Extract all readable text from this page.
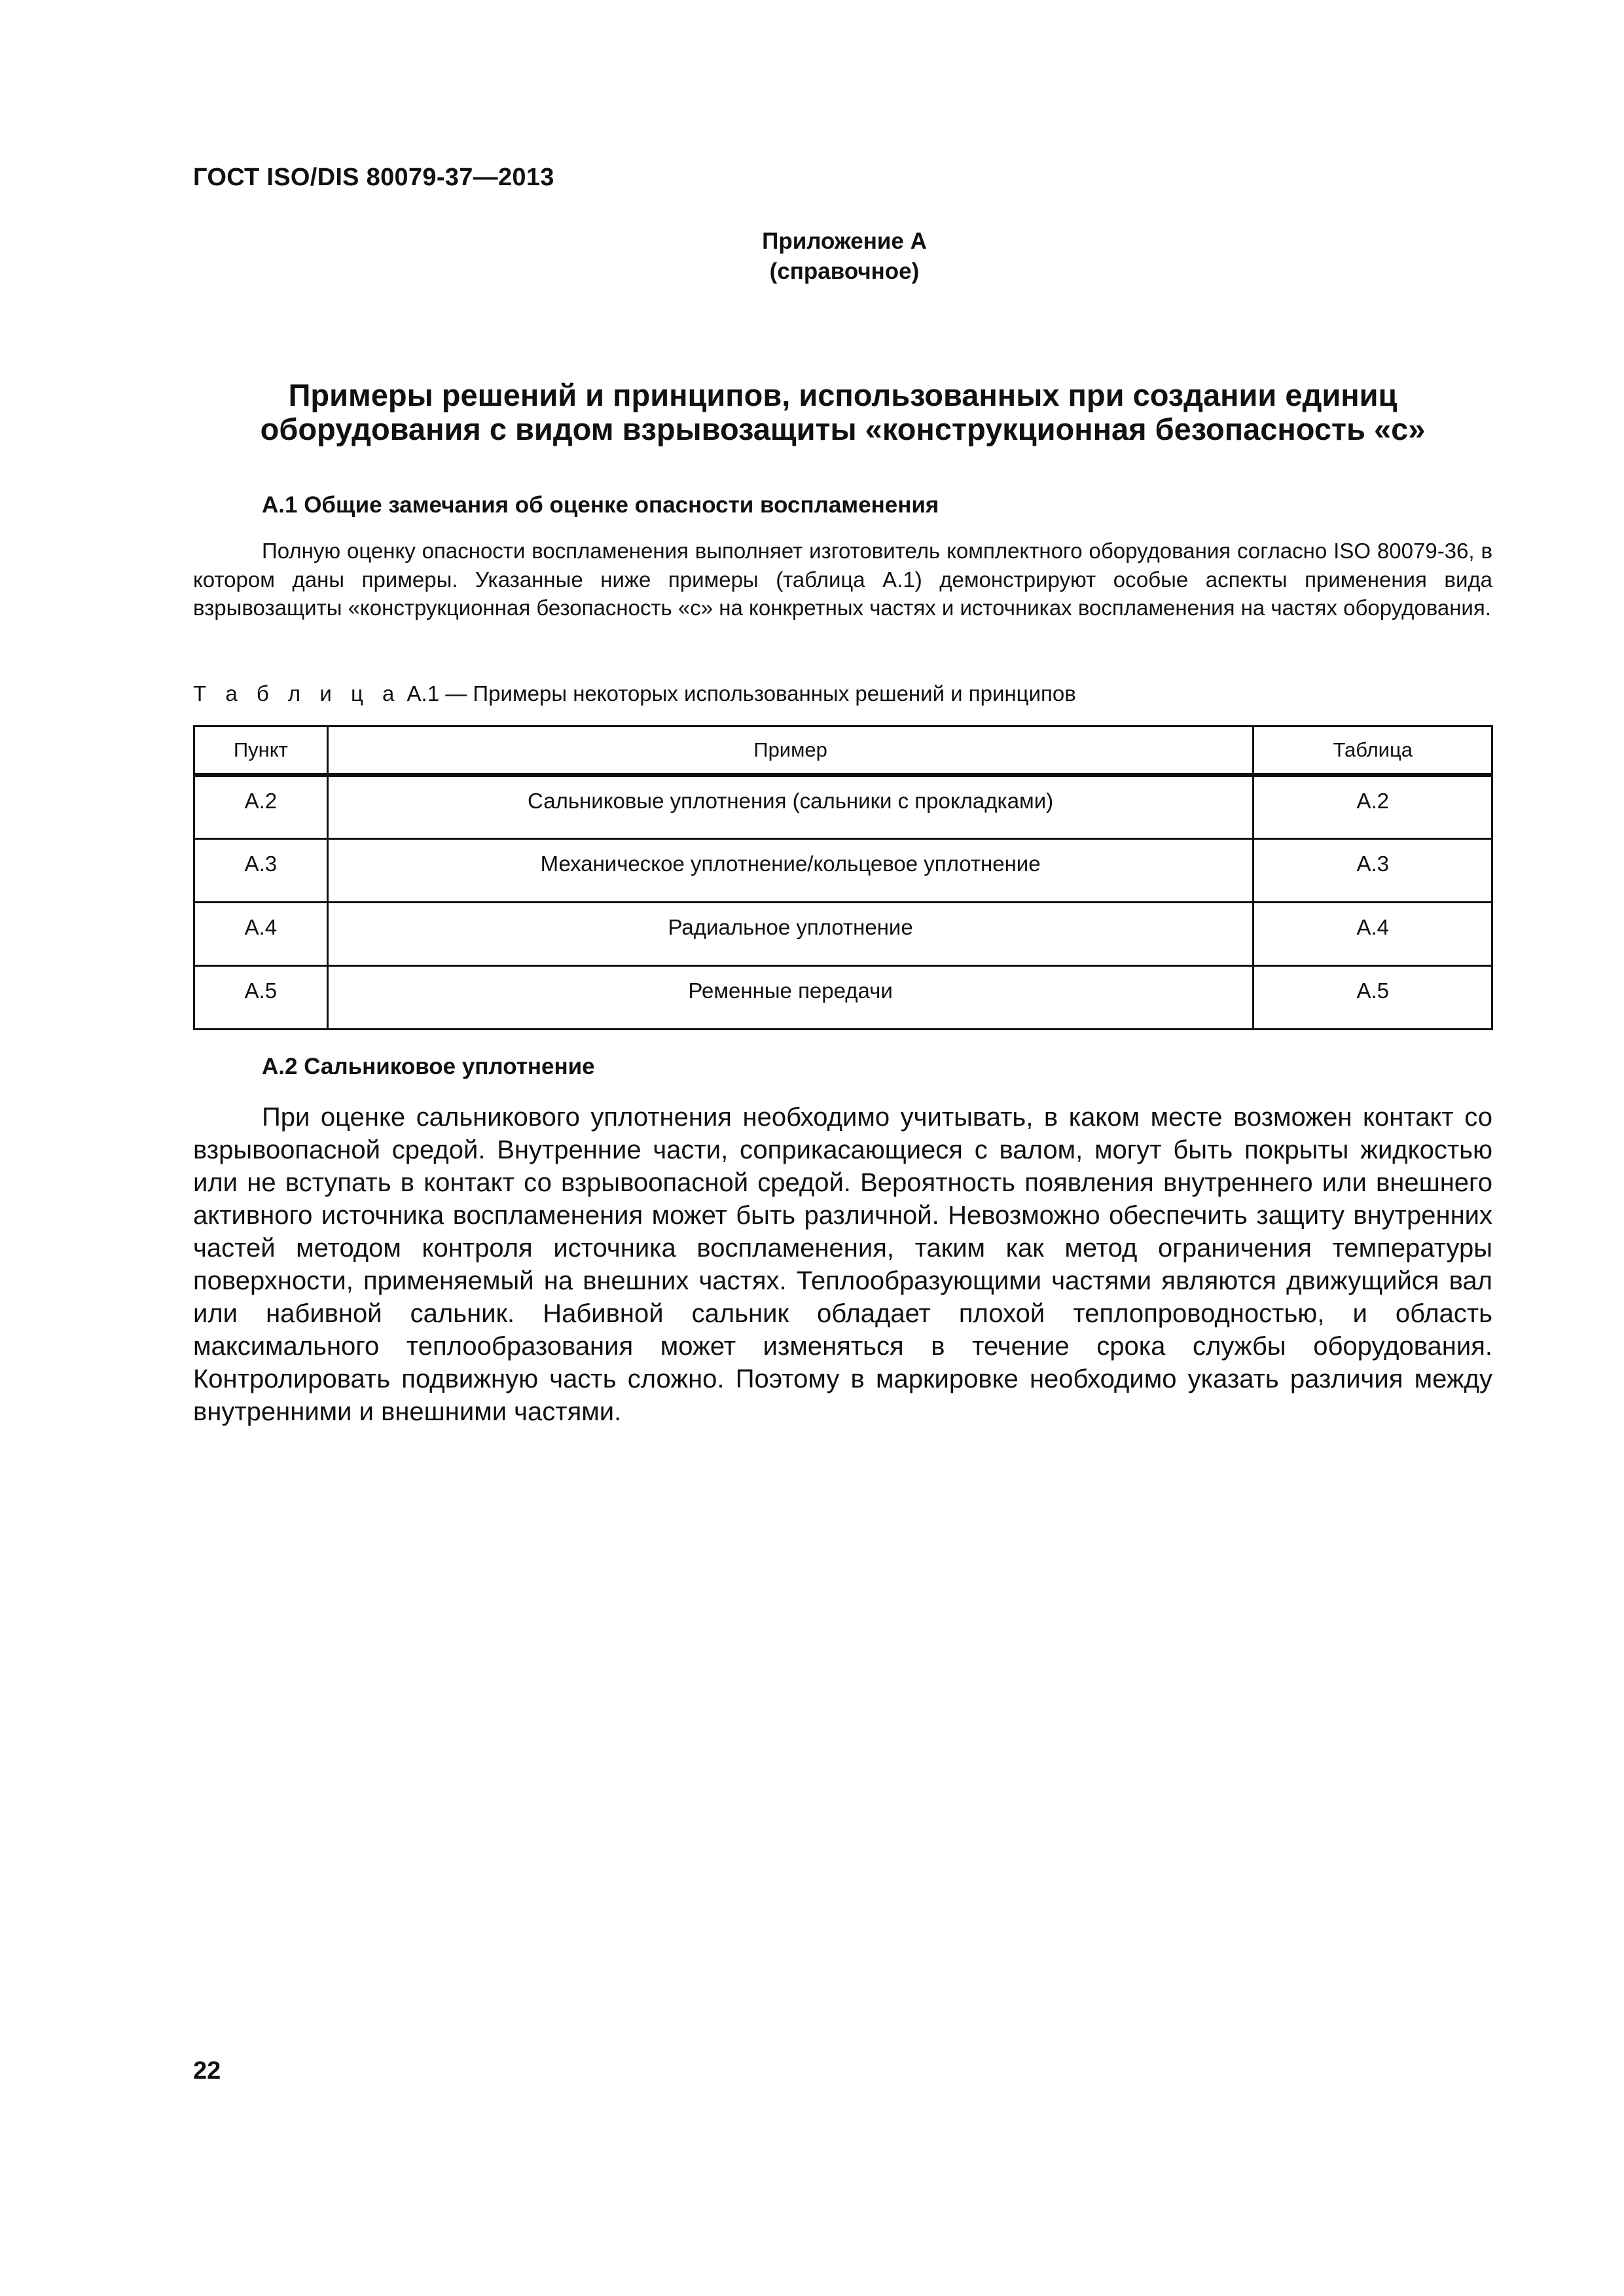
ГОСТ ISO/DIS 80079-37—2013
Приложение А
(справочное)
Примеры решений и принципов, использованных при создании единиц
оборудования с видом взрывозащиты «конструкционная безопасность «c»
А.1 Общие замечания об оценке опасности воспламенения

Полную оценку опасности воспламенения выполняет изготовитель комплектного оборудования согласно ISO 80079-36, в котором даны примеры. Указанные ниже примеры (таблица А.1) демонстрируют особые аспекты применения вида взрывозащиты «конструкционная безопасность «с» на конкретных частях и источниках воспламенения на частях оборудования.

Т а б л и ц а А.1 — Примеры некоторых использованных решений и принципов
Пункт	Пример	Таблица
А.2	Сальниковые уплотнения (сальники с прокладками)	А.2
А.3	Механическое уплотнение/кольцевое уплотнение	А.3
А.4	Радиальное уплотнение	А.4
А.5	Ременные передачи	А.5
А.2 Сальниковое уплотнение

При оценке сальникового уплотнения необходимо учитывать, в каком месте возможен контакт со взрывоопасной средой. Внутренние части, соприкасающиеся с валом, могут быть покрыты жидкостью или не вступать в контакт со взрывоопасной средой. Вероятность появления внутреннего или внешнего активного источника воспламенения может быть различной. Невозможно обеспечить защиту внутренних частей методом контроля источника воспламенения, таким как метод ограничения температуры поверхности, применяемый на внешних частях. Теплообразующими частями являются движущийся вал или набивной сальник. Набивной сальник обладает плохой теплопроводностью, и область максимального теплообразования может изменяться в течение срока службы оборудования. Контролировать подвижную часть сложно. Поэтому в маркировке необходимо указать различия между внутренними и внешними частями.

22
